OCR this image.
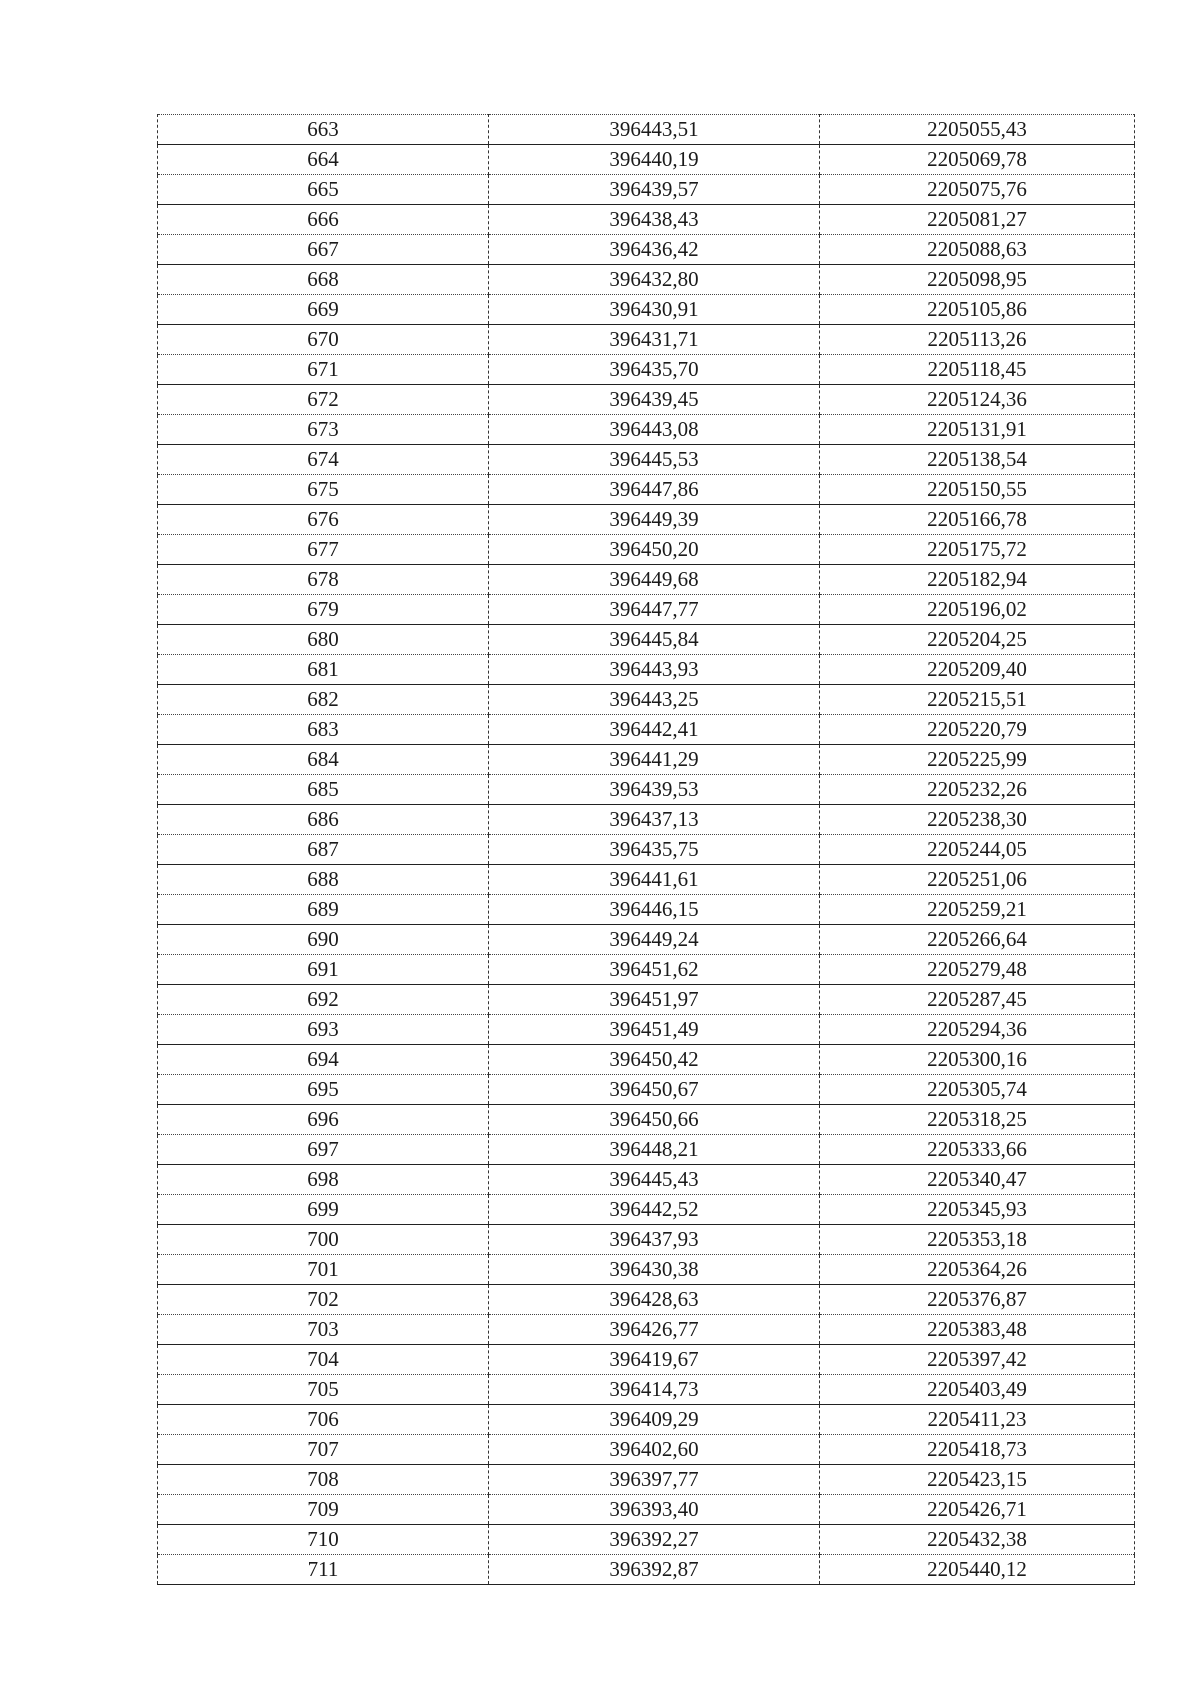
663	396443,51	2205055,43
664	396440,19	2205069,78
665	396439,57	2205075,76
666	396438,43	2205081,27
667	396436,42	2205088,63
668	396432,80	2205098,95
669	396430,91	2205105,86
670	396431,71	2205113,26
671	396435,70	2205118,45
672	396439,45	2205124,36
673	396443,08	2205131,91
674	396445,53	2205138,54
675	396447,86	2205150,55
676	396449,39	2205166,78
677	396450,20	2205175,72
678	396449,68	2205182,94
679	396447,77	2205196,02
680	396445,84	2205204,25
681	396443,93	2205209,40
682	396443,25	2205215,51
683	396442,41	2205220,79
684	396441,29	2205225,99
685	396439,53	2205232,26
686	396437,13	2205238,30
687	396435,75	2205244,05
688	396441,61	2205251,06
689	396446,15	2205259,21
690	396449,24	2205266,64
691	396451,62	2205279,48
692	396451,97	2205287,45
693	396451,49	2205294,36
694	396450,42	2205300,16
695	396450,67	2205305,74
696	396450,66	2205318,25
697	396448,21	2205333,66
698	396445,43	2205340,47
699	396442,52	2205345,93
700	396437,93	2205353,18
701	396430,38	2205364,26
702	396428,63	2205376,87
703	396426,77	2205383,48
704	396419,67	2205397,42
705	396414,73	2205403,49
706	396409,29	2205411,23
707	396402,60	2205418,73
708	396397,77	2205423,15
709	396393,40	2205426,71
710	396392,27	2205432,38
711	396392,87	2205440,12
